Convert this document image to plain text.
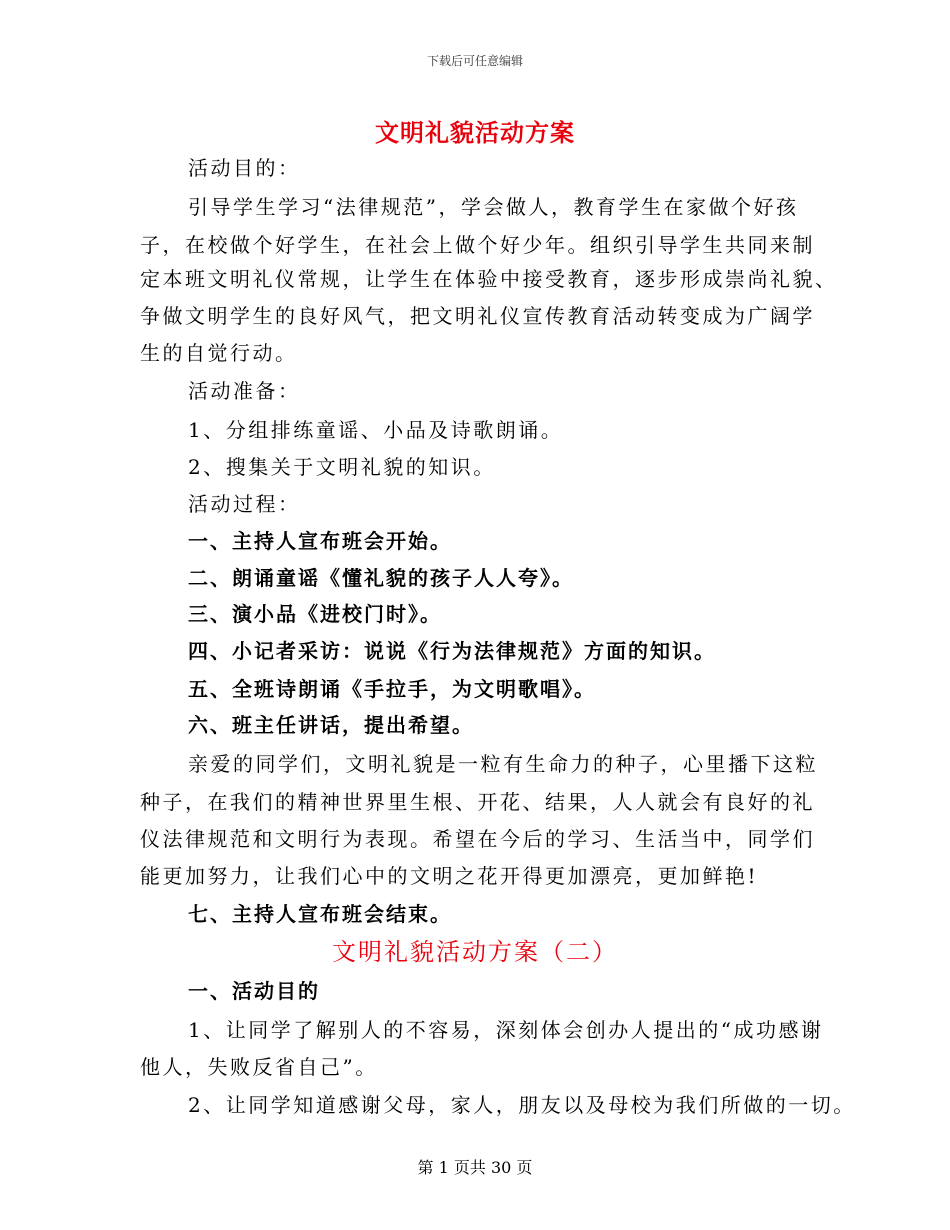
下载后可任意编辑
文明礼貌活动方案
活动目的：
引导学生学习“法律规范”，学会做人，教育学生在家做个好孩
子，在校做个好学生，在社会上做个好少年。组织引导学生共同来制
定本班文明礼仪常规，让学生在体验中接受教育，逐步形成崇尚礼貌、
争做文明学生的良好风气，把文明礼仪宣传教育活动转变成为广阔学
生的自觉行动。
活动准备：
1、分组排练童谣、小品及诗歌朗诵。
2、搜集关于文明礼貌的知识。
活动过程：
一、主持人宣布班会开始。
二、朗诵童谣《懂礼貌的孩子人人夸》。
三、演小品《进校门时》。
四、小记者采访：说说《行为法律规范》方面的知识。
五、全班诗朗诵《手拉手，为文明歌唱》。
六、班主任讲话，提出希望。
亲爱的同学们，文明礼貌是一粒有生命力的种子，心里播下这粒
种子，在我们的精神世界里生根、开花、结果，人人就会有良好的礼
仪法律规范和文明行为表现。希望在今后的学习、生活当中，同学们
能更加努力，让我们心中的文明之花开得更加漂亮，更加鲜艳!
七、主持人宣布班会结束。
文明礼貌活动方案（二）
一、活动目的
1、让同学了解别人的不容易，深刻体会创办人提出的“成功感谢
他人，失败反省自己”。
2、让同学知道感谢父母，家人，朋友以及母校为我们所做的一切。
第 1 页共 30 页
